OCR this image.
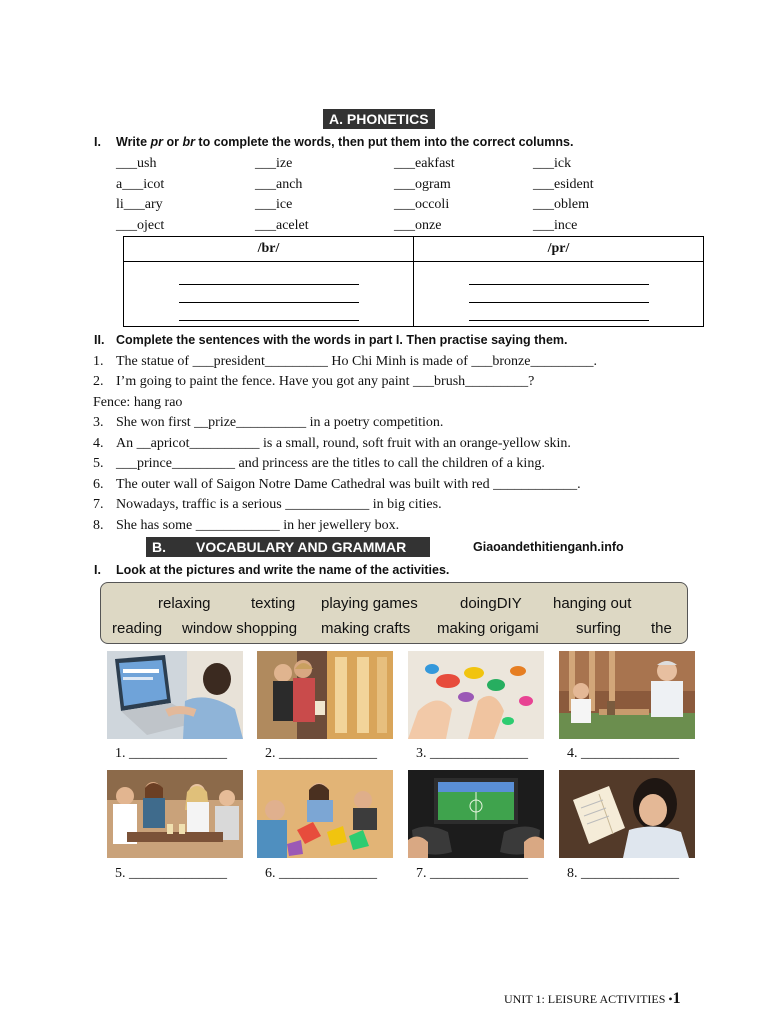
A. PHONETICS
I. Write pr or br to complete the words, then put them into the correct columns.
___ush	___ize	___eakfast	___ick
a___icot	___anch	___ogram	___esident
li___ary	___ice	___occoli	___oblem
___oject	___acelet	___onze	___ince
/br/	/pr/

II. Complete the sentences with the words in part I. Then practise saying them.
1. The statue of ___president_________ Ho Chi Minh is made of ___bronze_________.
2. I’m going to paint the fence. Have you got any paint ___brush_________?
Fence: hang rao
3. She won first __prize__________ in a poetry competition.
4. An __apricot__________ is a small, round, soft fruit with an orange-yellow skin.
5. ___prince_________ and princess are the titles to call the children of a king.
6. The outer wall of Saigon Notre Dame Cathedral was built with red ____________.
7. Nowadays, traffic is a serious ____________ in big cities.
8. She has some ____________ in her jewellery box.
B. VOCABULARY AND GRAMMAR	Giaoandethitienganh.info
I. Look at the pictures and write the name of the activities.
relaxing	texting playing games	doingDIY hanging out
reading window shopping making crafts making origami surfing the
1. ______________	2. ______________	3. ______________	4. ______________
5. ______________	6. ______________	7. ______________	8. ______________
UNIT 1: LEISURE ACTIVITIES •1
